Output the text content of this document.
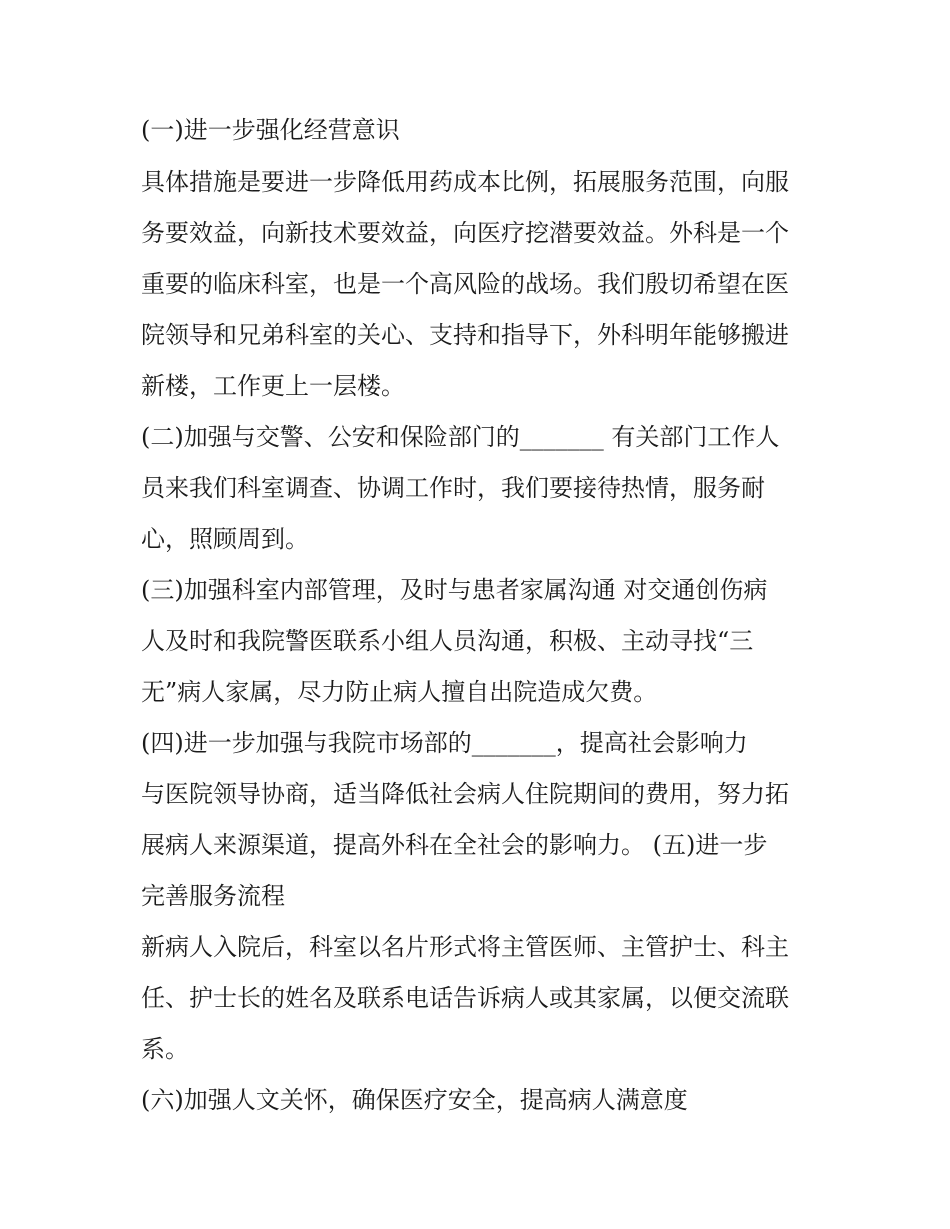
(一)进一步强化经营意识
具体措施是要进一步降低用药成本比例，拓展服务范围，向服
务要效益，向新技术要效益，向医疗挖潜要效益。外科是一个
重要的临床科室，也是一个高风险的战场。我们殷切希望在医
院领导和兄弟科室的关心、支持和指导下，外科明年能够搬进
新楼，工作更上一层楼。
(二)加强与交警、公安和保险部门的_______ 有关部门工作人
员来我们科室调查、协调工作时，我们要接待热情，服务耐
心，照顾周到。
(三)加强科室内部管理，及时与患者家属沟通 对交通创伤病
人及时和我院警医联系小组人员沟通，积极、主动寻找“三
无”病人家属，尽力防止病人擅自出院造成欠费。
(四)进一步加强与我院市场部的_______，提高社会影响力
与医院领导协商，适当降低社会病人住院期间的费用，努力拓
展病人来源渠道，提高外科在全社会的影响力。 (五)进一步
完善服务流程
新病人入院后，科室以名片形式将主管医师、主管护士、科主
任、护士长的姓名及联系电话告诉病人或其家属，以便交流联
系。
(六)加强人文关怀，确保医疗安全，提高病人满意度
